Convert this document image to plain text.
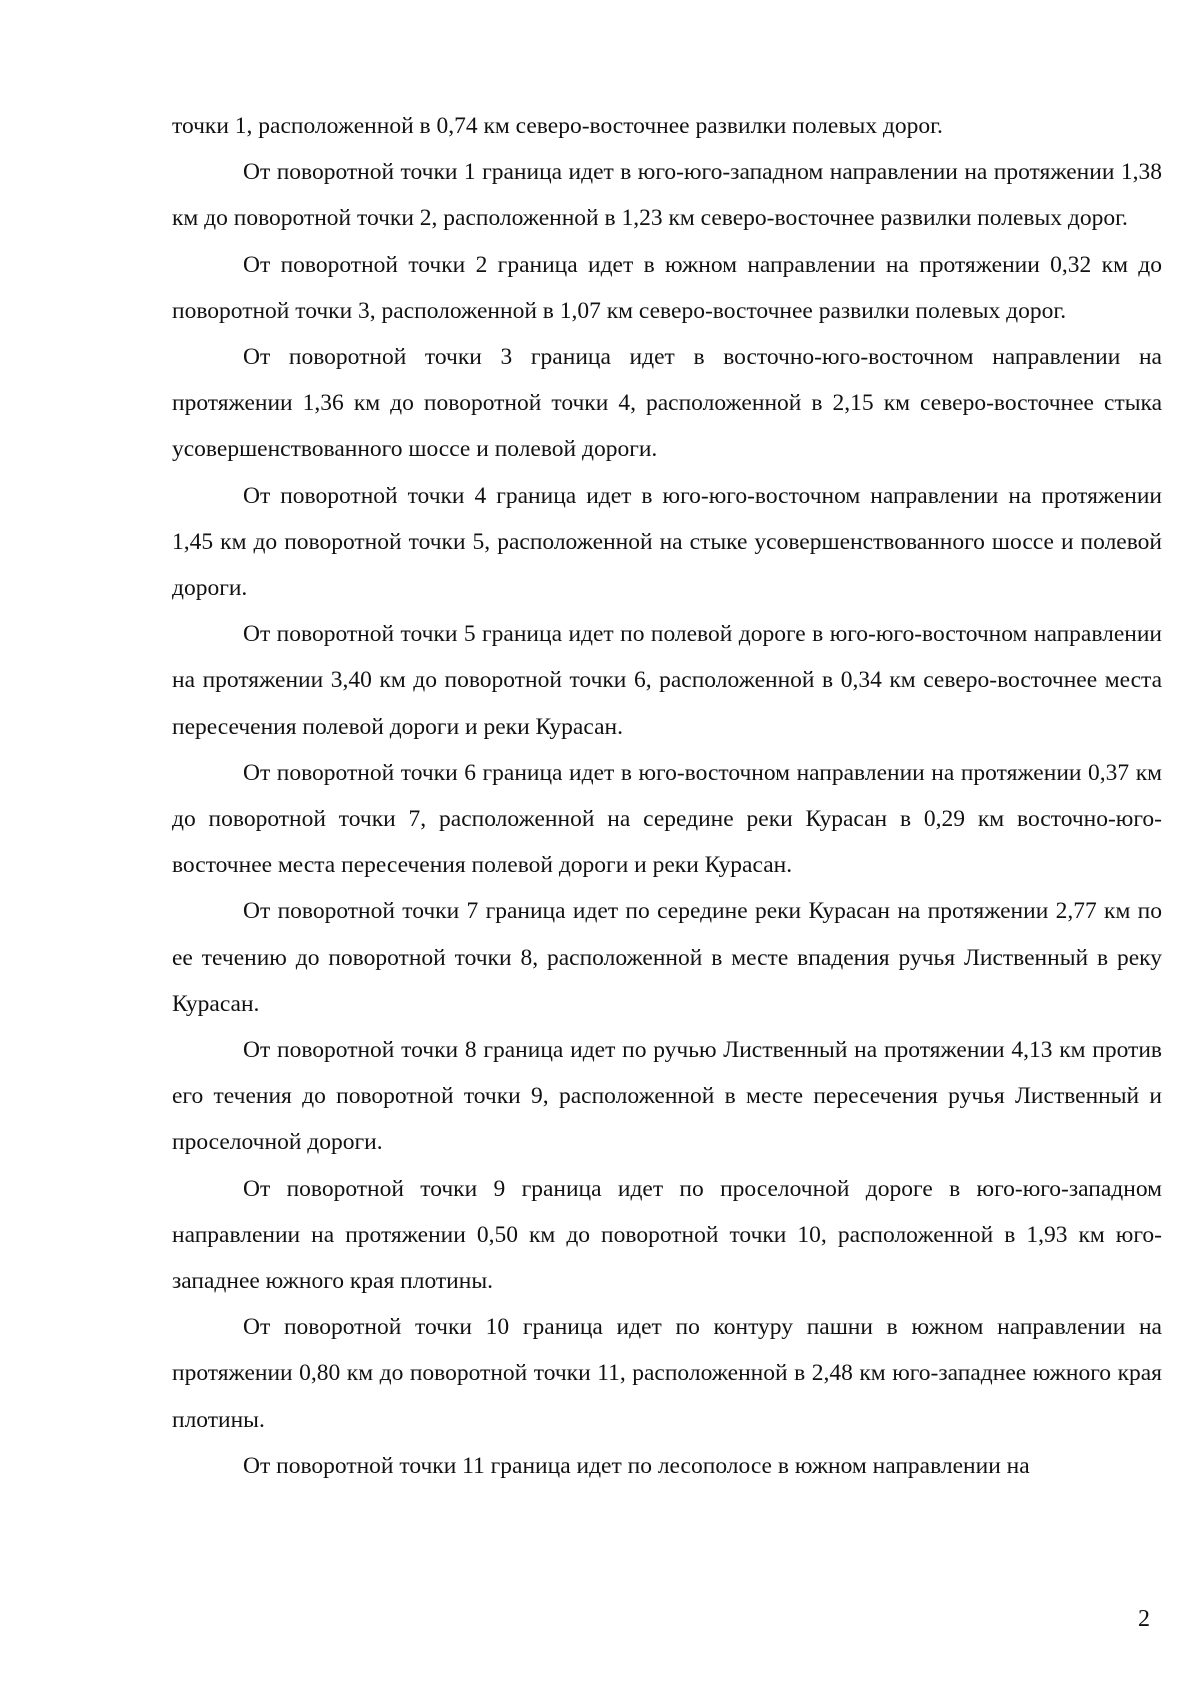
точки 1, расположенной в 0,74 км северо-восточнее развилки полевых дорог.

От поворотной точки 1 граница идет в юго-юго-западном направлении на протяжении 1,38 км до поворотной точки 2, расположенной в 1,23 км северо-восточнее развилки полевых дорог.

От поворотной точки 2 граница идет в южном направлении на протяжении 0,32 км до поворотной точки 3, расположенной в 1,07 км северо-восточнее развилки полевых дорог.

От поворотной точки 3 граница идет в восточно-юго-восточном направлении на протяжении 1,36 км до поворотной точки 4, расположенной в 2,15 км северо-восточнее стыка усовершенствованного шоссе и полевой дороги.

От поворотной точки 4 граница идет в юго-юго-восточном направлении на протяжении 1,45 км до поворотной точки 5, расположенной на стыке усовершенствованного шоссе и полевой дороги.

От поворотной точки 5 граница идет по полевой дороге в юго-юго-восточном направлении на протяжении 3,40 км до поворотной точки 6, расположенной в 0,34 км северо-восточнее места пересечения полевой дороги и реки Курасан.

От поворотной точки 6 граница идет в юго-восточном направлении на протяжении 0,37 км до поворотной точки 7, расположенной на середине реки Курасан в 0,29 км восточно-юго-восточнее места пересечения полевой дороги и реки Курасан.

От поворотной точки 7 граница идет по середине реки Курасан на протяжении 2,77 км по ее течению до поворотной точки 8, расположенной в месте впадения ручья Лиственный в реку Курасан.

От поворотной точки 8 граница идет по ручью Лиственный на протяжении 4,13 км против его течения до поворотной точки 9, расположенной в месте пересечения ручья Лиственный и проселочной дороги.

От поворотной точки 9 граница идет по проселочной дороге в юго-юго-западном направлении на протяжении 0,50 км до поворотной точки 10, расположенной в 1,93 км юго-западнее южного края плотины.

От поворотной точки 10 граница идет по контуру пашни в южном направлении на протяжении 0,80 км до поворотной точки 11, расположенной в 2,48 км юго-западнее южного края плотины.

От поворотной точки 11 граница идет по лесополосе в южном направлении на

2
